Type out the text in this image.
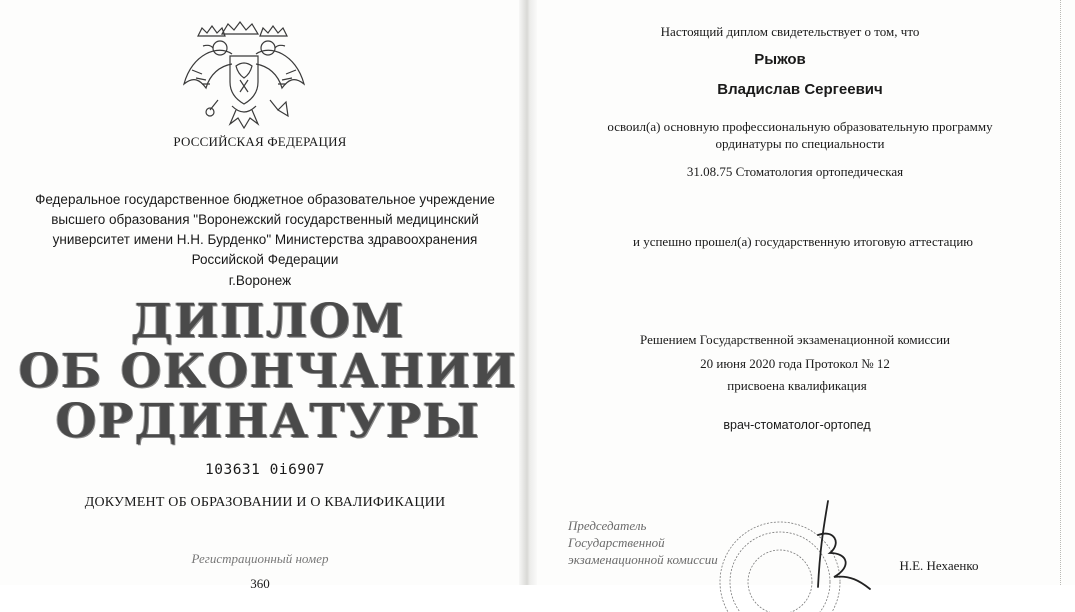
РОССИЙСКАЯ ФЕДЕРАЦИЯ
Федеральное государственное бюджетное образовательное учреждение
высшего образования "Воронежский государственный медицинский
университет имени Н.Н. Бурденко" Министерства здравоохранения
Российской Федерации
г.Воронеж
ДИПЛОМ
ОБ ОКОНЧАНИИ
ОРДИНАТУРЫ
103631 0i6907
ДОКУМЕНТ ОБ ОБРАЗОВАНИИ И О КВАЛИФИКАЦИИ
Регистрационный номер
360
Настоящий диплом свидетельствует о том, что
Рыжов
Владислав Сергеевич
освоил(а) основную профессиональную образовательную программу
ординатуры по специальности
31.08.75 Стоматология ортопедическая
и успешно прошел(а) государственную итоговую аттестацию
Решением Государственной экзаменационной комиссии
20 июня 2020 года Протокол № 12
присвоена квалификация
врач-стоматолог-ортопед
Председатель
Государственной
экзаменационной комиссии	Н.Е. Нехаенко
